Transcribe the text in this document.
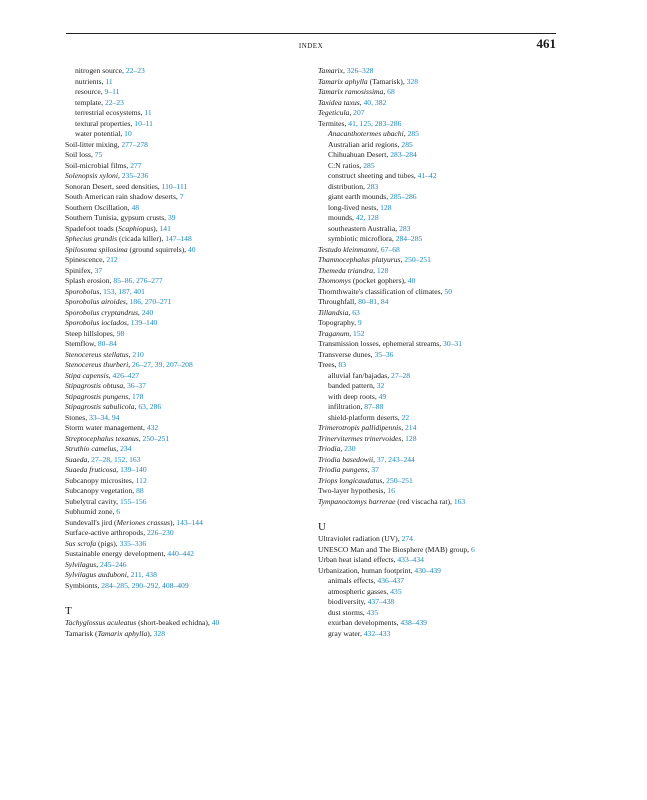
INDEX	461
nitrogen source, 22–23
nutrients, 11
resource, 9–11
template, 22–23
terrestrial ecosystems, 11
textural properties, 10–11
water potential, 10
Soil-litter mixing, 277–278
Soil loss, 75
Soil-microbial films, 277
Solenopsis xyloni, 235–236
Sonoran Desert, seed densities, 110–111
South American rain shadow deserts, 7
Southern Oscillation, 48
Southern Tunisia, gypsum crusts, 39
Spadefoot toads (Scaphiopus), 141
Sphecius grandis (cicada killer), 147–148
Spilosoma spilosima (ground squirrels), 40
Spinescence, 212
Spinifex, 37
Splash erosion, 85–86, 276–277
Sporobolus, 153, 187, 401
Sporobolus airoides, 186, 270–271
Sporobolus cryptandrus, 240
Sporobolus ioclados, 139–140
Steep hillslopes, 98
Stemflow, 80–84
Stenocereus stellatus, 210
Stenocereus thurberi, 26–27, 39, 207–208
Stipa capensis, 426–427
Stipagrostis obtusa, 36–37
Stipagrostis pungens, 178
Stipagrostis sabulicola, 63, 286
Stones, 33–34, 94
Storm water management, 432
Streptocephalus texanus, 250–251
Struthio camelus, 234
Suaeda, 27–28, 152, 163
Suaeda fruticosa, 139–140
Subcanopy microsites, 112
Subcanopy vegetation, 88
Subelytral cavity, 155–156
Subhumid zone, 6
Sundevall's jird (Meriones crassus), 143–144
Surface-active arthropods, 226–230
Sus scrofa (pigs), 335–336
Sustainable energy development, 440–442
Sylvilagus, 245–246
Sylvilagus auduboni, 211, 438
Symbionts, 284–285, 290–292, 408–409
T
Tachyglossus aculeatus (short-beaked echidna), 40
Tamarisk (Tamarix aphylla), 328
Tamarix, 326–328
Tamarix aphylla (Tamarisk), 328
Tamarix ramosissima, 68
Taxidea taxus, 40, 382
Tegeticula, 207
Termites, 41, 125, 283–286
Anacanthotermes ubachi, 285
Australian arid regions, 285
Chihuahuan Desert, 283–284
C:N ratios, 285
construct sheeting and tubes, 41–42
distribution, 283
giant earth mounds, 285–286
long-lived nests, 128
mounds, 42, 128
southeastern Australia, 283
symbiotic microflora, 284–285
Testudo kleinmanni, 67–68
Thamnocephalus platyurus, 250–251
Themeda triandra, 128
Thomomys (pocket gophers), 40
Thornthwaite's classification of climates, 50
Throughfall, 80–81, 84
Tillandsia, 63
Topography, 9
Traganum, 152
Transmission losses, ephemeral streams, 30–31
Transverse dunes, 35–36
Trees, 83
alluvial fan/bajadas, 27–28
banded pattern, 32
with deep roots, 49
infiltration, 87–88
shield-platform deserts, 22
Trimerotropis pallidipennis, 214
Trinervitermes trinervoides, 128
Triodia, 230
Triodia basedowii, 37, 243–244
Triodia pungens, 37
Triops longicaudatus, 250–251
Two-layer hypothesis, 16
Tympanoctomys barrerae (red viscacha rat), 163
U
Ultraviolet radiation (UV), 274
UNESCO Man and The Biosphere (MAB) group, 6
Urban heat island effects, 433–434
Urbanization, human footprint, 430–439
animals effects, 436–437
atmospheric gasses, 435
biodiversity, 437–438
dust storms, 435
exurban developments, 438–439
gray water, 432–433
